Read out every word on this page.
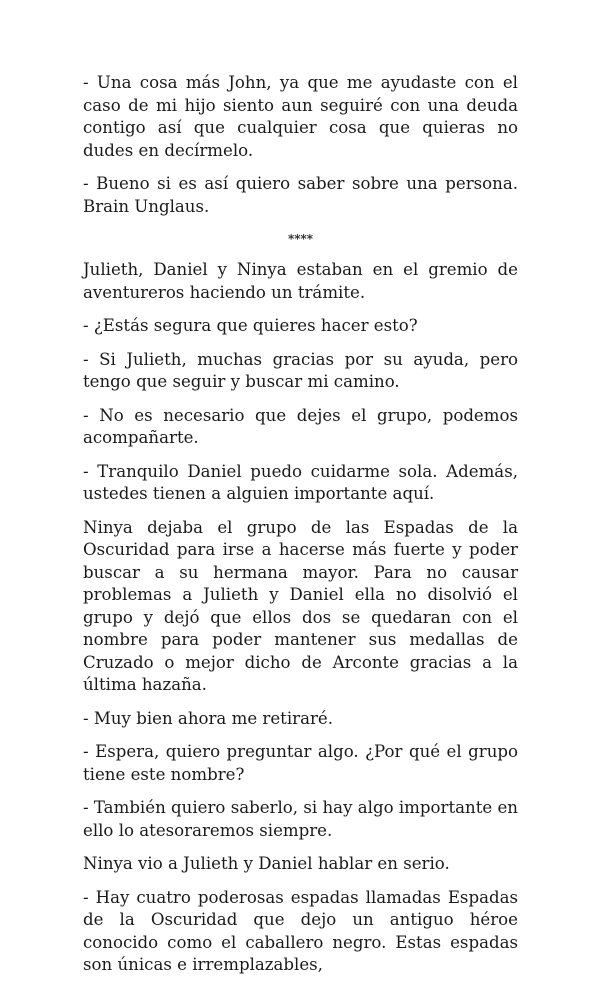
- Una cosa más John, ya que me ayudaste con el caso de mi hijo siento aun seguiré con una deuda contigo así que cualquier cosa que quieras no dudes en decírmelo.

- Bueno si es así quiero saber sobre una persona. Brain Unglaus.

****

Julieth, Daniel y Ninya estaban en el gremio de aventureros haciendo un trámite.

- ¿Estás segura que quieres hacer esto?

- Si Julieth, muchas gracias por su ayuda, pero tengo que seguir y buscar mi camino.

- No es necesario que dejes el grupo, podemos acompañarte.

- Tranquilo Daniel puedo cuidarme sola. Además, ustedes tienen a alguien importante aquí.

Ninya dejaba el grupo de las Espadas de la Oscuridad para irse a hacerse más fuerte y poder buscar a su hermana mayor. Para no causar problemas a Julieth y Daniel ella no disolvió el grupo y dejó que ellos dos se quedaran con el nombre para poder mantener sus medallas de Cruzado o mejor dicho de Arconte gracias a la última hazaña.

- Muy bien ahora me retiraré.

- Espera, quiero preguntar algo. ¿Por qué el grupo tiene este nombre?

- También quiero saberlo, si hay algo importante en ello lo atesoraremos siempre.

Ninya vio a Julieth y Daniel hablar en serio.

- Hay cuatro poderosas espadas llamadas Espadas de la Oscuridad que dejo un antiguo héroe conocido como el caballero negro. Estas espadas son únicas e irremplazables,
